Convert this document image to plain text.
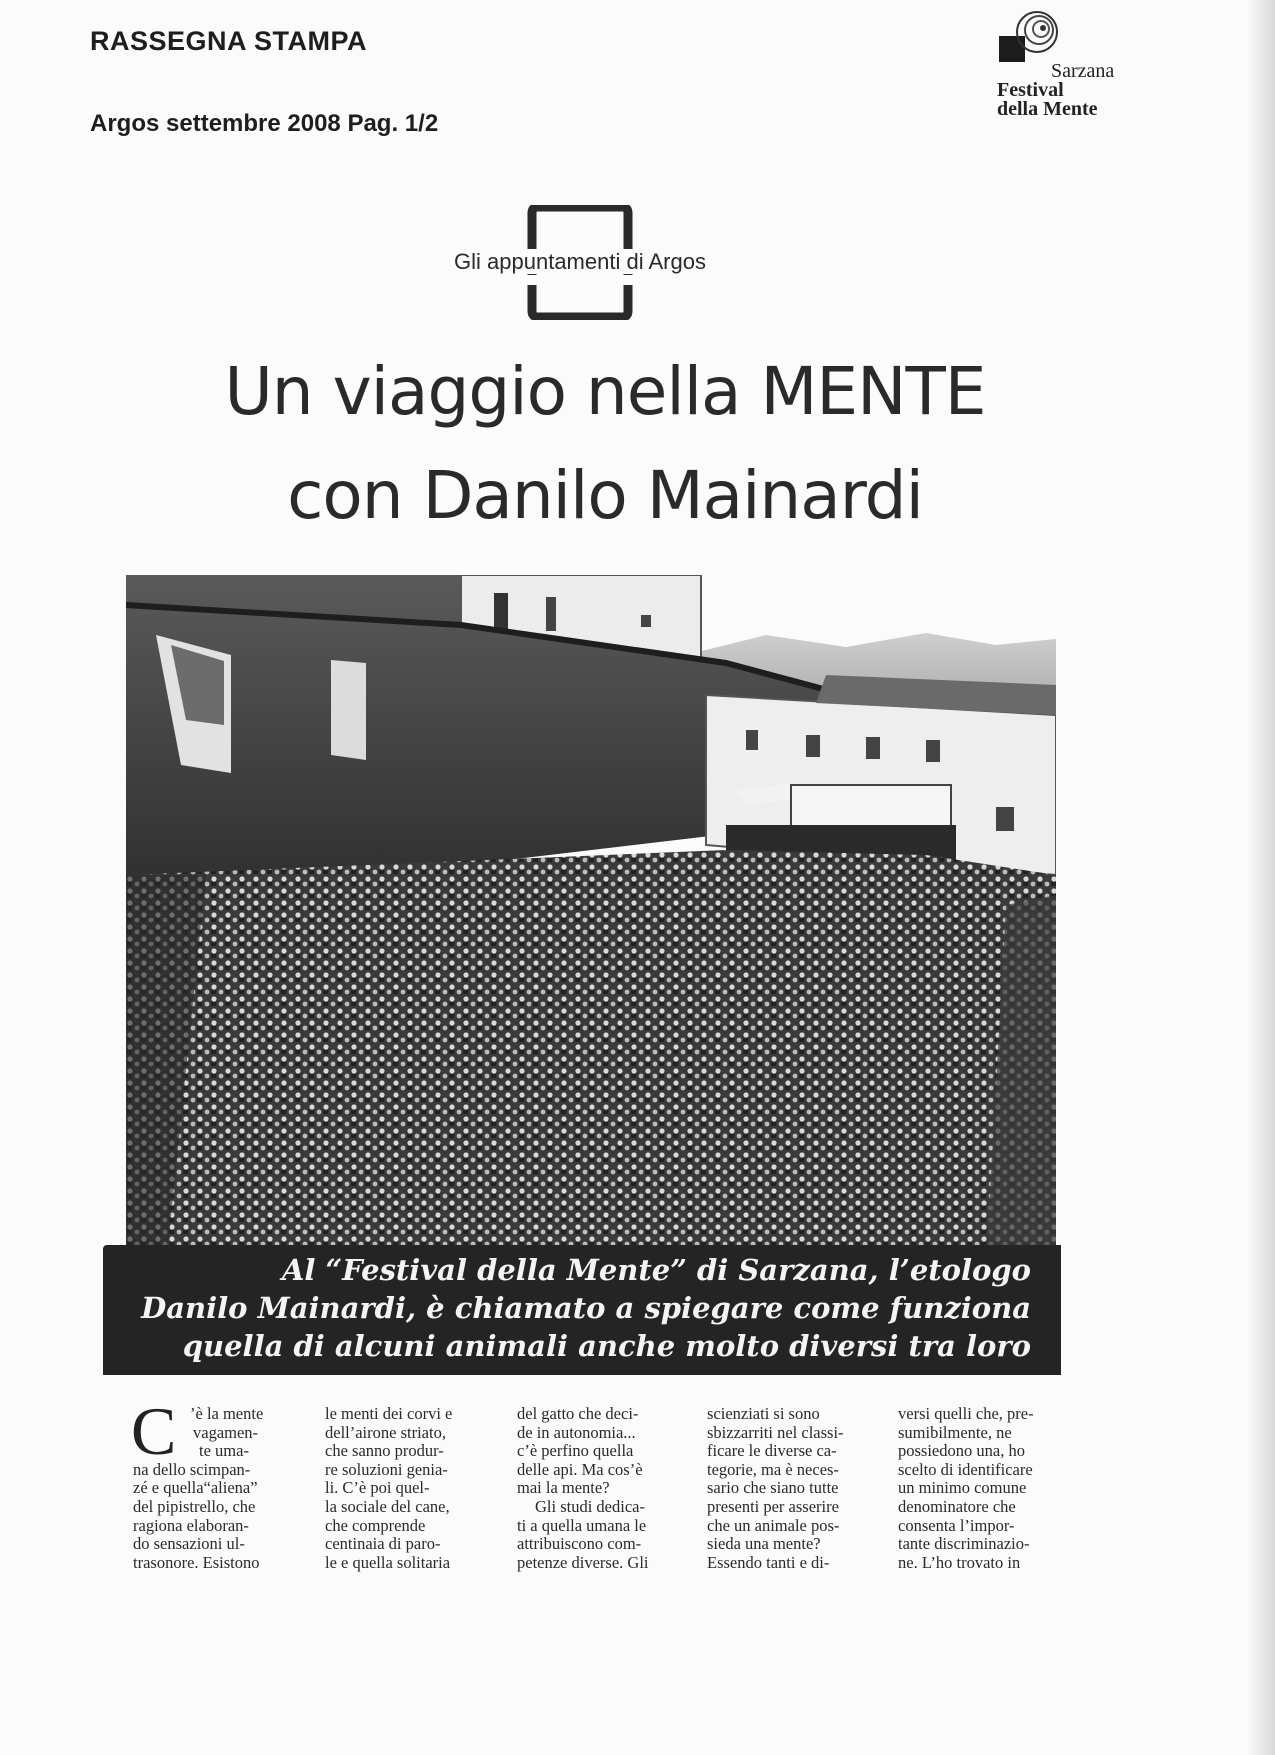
RASSEGNA STAMPA
Argos settembre 2008 Pag. 1/2
Sarzana
Festival
della Mente
Gli appuntamenti di Argos
Un viaggio nella MENTE
con Danilo Mainardi
Al “Festival della Mente” di Sarzana, l’etologo
Danilo Mainardi, è chiamato a spiegare come funziona
quella di alcuni animali anche molto diversi tra loro
C ’è la mente
vagamen-
te uma-
na dello scimpan-
zé e quella“aliena”
del pipistrello, che
ragiona elaboran-
do sensazioni ul-
trasonore. Esistono
le menti dei corvi e
dell’airone striato,
che sanno produr-
re soluzioni genia-
li. C’è poi quel-
la sociale del cane,
che comprende
centinaia di paro-
le e quella solitaria
del gatto che deci-
de in autonomia...
c’è perfino quella
delle api. Ma cos’è
mai la mente?
Gli studi dedica-
ti a quella umana le
attribuiscono com-
petenze diverse. Gli
scienziati si sono
sbizzarriti nel classi-
ficare le diverse ca-
tegorie, ma è neces-
sario che siano tutte
presenti per asserire
che un animale pos-
sieda una mente?
Essendo tanti e di-
versi quelli che, pre-
sumibilmente, ne
possiedono una, ho
scelto di identificare
un minimo comune
denominatore che
consenta l’impor-
tante discriminazio-
ne. L’ho trovato in
